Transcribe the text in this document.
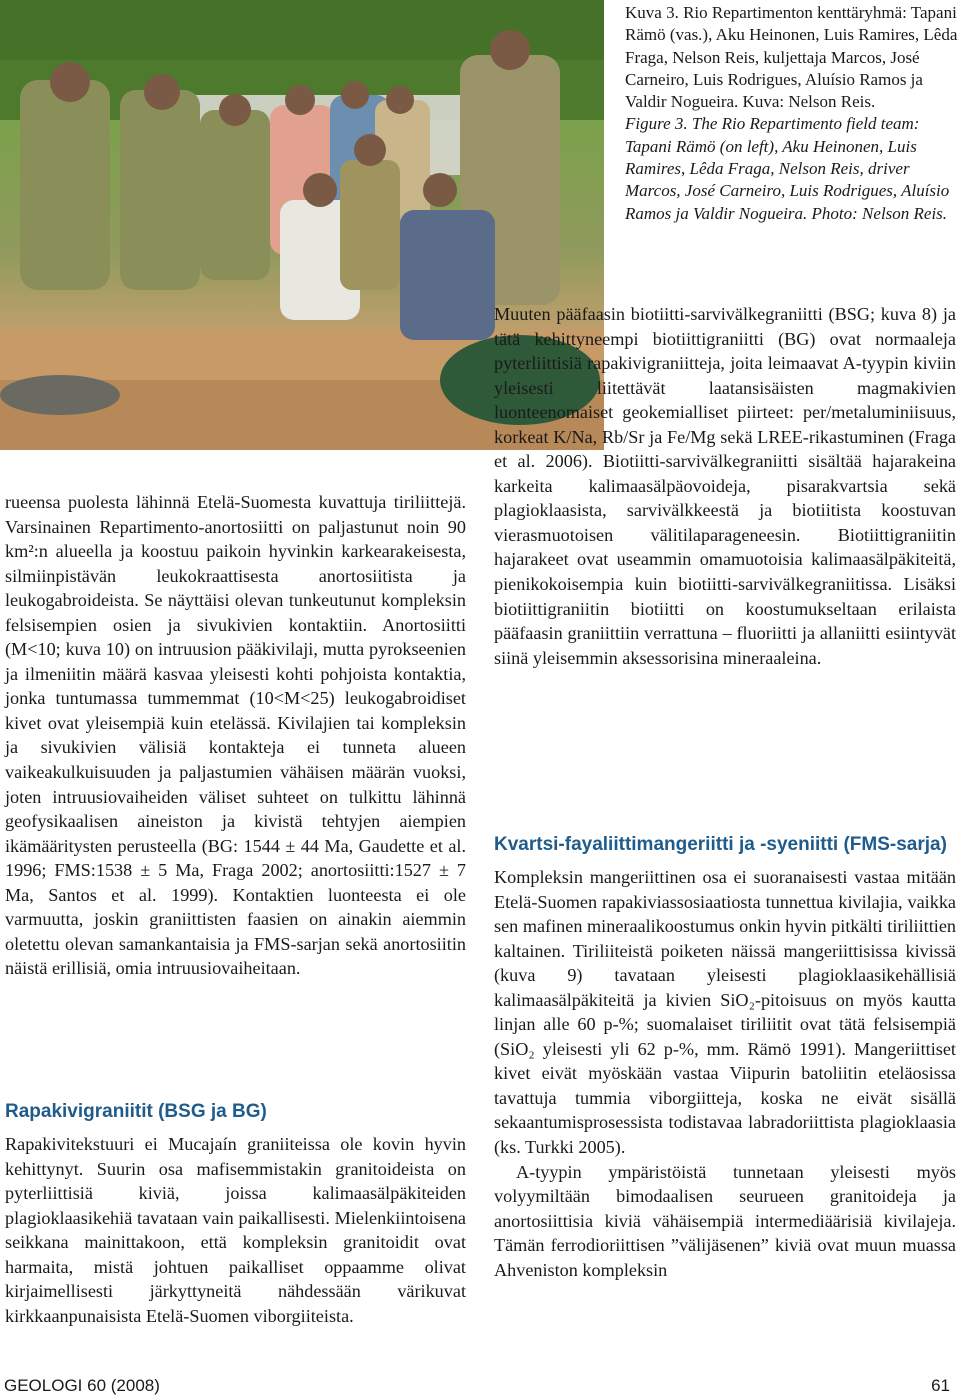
Kuva 3. Rio Repartimenton kenttäryhmä: Tapani Rämö (vas.), Aku Heinonen, Luis Ramires, Lêda Fraga, Nelson Reis, kuljettaja Marcos, José Carneiro, Luis Rodrigues, Aluísio Ramos ja Valdir Nogueira. Kuva: Nelson Reis.

Figure 3. The Rio Repartimento field team: Tapani Rämö (on left), Aku Heinonen, Luis Ramires, Lêda Fraga, Nelson Reis, driver Marcos, José Carneiro, Luis Rodrigues, Aluísio Ramos ja Valdir Nogueira. Photo: Nelson Reis.

rueensa puolesta lähinnä Etelä-Suomesta kuvattuja tiriliittejä. Varsinainen Repartimento-anortosiitti on paljastunut noin 90 km²:n alueella ja koostuu paikoin hyvinkin karkearakeisesta, silmiinpistävän leukokraattisesta anortosiitista ja leukogabroideista. Se näyttäisi olevan tunkeutunut kompleksin felsisempien osien ja sivukivien kontaktiin. Anortosiitti (M<10; kuva 10) on intruusion pääkivilaji, mutta pyrokseenien ja ilmeniitin määrä kasvaa yleisesti kohti pohjoista kontaktia, jonka tuntumassa tummemmat (10<M<25) leukogabroidiset kivet ovat yleisempiä kuin etelässä. Kivilajien tai kompleksin ja sivukivien välisiä kontakteja ei tunneta alueen vaikeakulkuisuuden ja paljastumien vähäisen määrän vuoksi, joten intruusiovaiheiden väliset suhteet on tulkittu lähinnä geofysikaalisen aineiston ja kivistä tehtyjen aiempien ikämääritysten perusteella (BG: 1544 ± 44 Ma, Gaudette et al. 1996; FMS:1538 ± 5 Ma, Fraga 2002; anortosiitti:1527 ± 7 Ma, Santos et al. 1999). Kontaktien luonteesta ei ole varmuutta, joskin graniittisten faasien on ainakin aiemmin oletettu olevan samankantaisia ja FMS-sarjan sekä anortosiitin näistä erillisiä, omia intruusiovaiheitaan.

Rapakivigraniitit (BSG ja BG)

Rapakivitekstuuri ei Mucajaín graniiteissa ole kovin hyvin kehittynyt. Suurin osa mafisemmistakin granitoideista on pyterliittisiä kiviä, joissa kalimaasälpäkiteiden plagioklaasikehiä tavataan vain paikallisesti. Mielenkiintoisena seikkana mainittakoon, että kompleksin granitoidit ovat harmaita, mistä johtuen paikalliset oppaamme olivat kirjaimellisesti järkyttyneitä nähdessään värikuvat kirkkaanpunaisista Etelä-Suomen viborgiiteista.

Muuten pääfaasin biotiitti-sarvivälkegraniitti (BSG; kuva 8) ja tätä kehittyneempi biotiittigraniitti (BG) ovat normaaleja pyterliittisiä rapakivigraniitteja, joita leimaavat A-tyypin kiviin yleisesti liitettävät laatansisäisten magmakivien luonteenomaiset geokemialliset piirteet: per/metaluminiisuus, korkeat K/Na, Rb/Sr ja Fe/Mg sekä LREE-rikastuminen (Fraga et al. 2006). Biotiitti-sarvivälkegraniitti sisältää hajarakeina karkeita kalimaasälpäovoideja, pisarakvartsia sekä plagioklaasista, sarvivälkkeestä ja biotiitista koostuvan vierasmuotoisen välitilaparageneesin. Biotiittigraniitin hajarakeet ovat useammin omamuotoisia kalimaasälpäkiteitä, pienikokoisempia kuin biotiitti-sarvivälkegraniitissa. Lisäksi biotiittigraniitin biotiitti on koostumukseltaan erilaista pääfaasin graniittiin verrattuna – fluoriitti ja allaniitti esiintyvät siinä yleisemmin aksessorisina mineraaleina.

Kvartsi-fayaliittimangeriitti ja -syeniitti (FMS-sarja)

Kompleksin mangeriittinen osa ei suoranaisesti vastaa mitään Etelä-Suomen rapakiviassosiaatiosta tunnettua kivilajia, vaikka sen mafinen mineraalikoostumus onkin hyvin pitkälti tiriliittien kaltainen. Tiriliiteistä poiketen näissä mangeriittisissa kivissä (kuva 9) tavataan yleisesti plagioklaasikehällisiä kalimaasälpäkiteitä ja kivien SiO₂-pitoisuus on myös kautta linjan alle 60 p-%; suomalaiset tiriliitit ovat tätä felsisempiä (SiO₂ yleisesti yli 62 p-%, mm. Rämö 1991). Mangeriittiset kivet eivät myöskään vastaa Viipurin batoliitin eteläosissa tavattuja tummia viborgiitteja, koska ne eivät sisällä sekaantumisprosessista todistavaa labradoriittista plagioklaasia (ks. Turkki 2005).

A-tyypin ympäristöistä tunnetaan yleisesti myös volyymiltään bimodaalisen seurueen granitoideja ja anortosiittisia kiviä vähäisempiä intermediäärisiä kivilajeja. Tämän ferrodioriittisen ”välijäsenen” kiviä ovat muun muassa Ahveniston kompleksin

GEOLOGI 60 (2008)	61
